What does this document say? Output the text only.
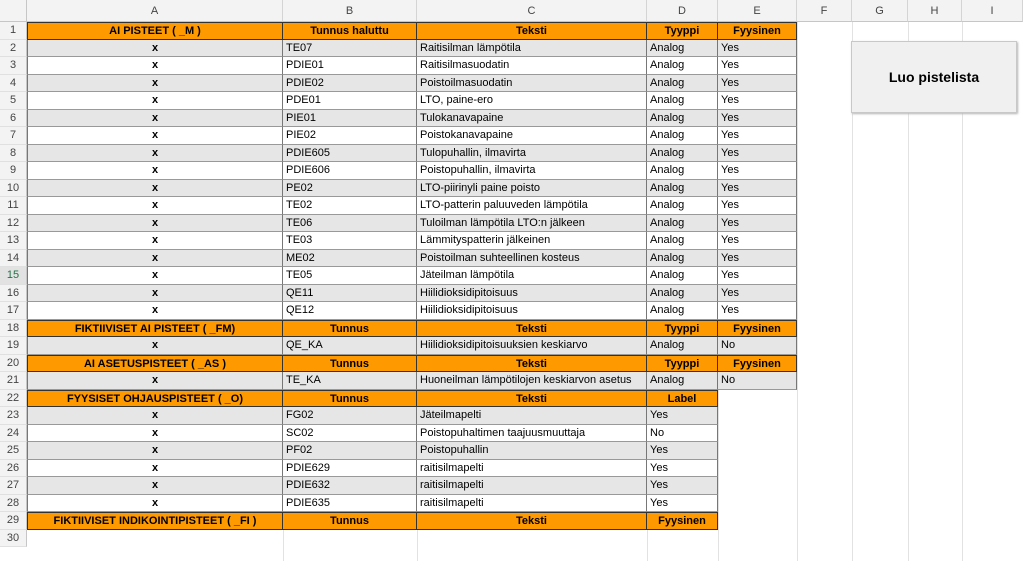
A	B	C	D	E	F	G	H	I
1
2
3
4
5
6
7
8
9
10
11
12
13
14
15
16
17
18
19
20
21
22
23
24
25
26
27
28
29
30
AI PISTEET ( _M )	Tunnus haluttu	Teksti	Tyyppi	Fyysinen
x	TE07	Raitisilman lämpötila	Analog	Yes
x	PDIE01	Raitisilmasuodatin	Analog	Yes
x	PDIE02	Poistoilmasuodatin	Analog	Yes
x	PDE01	LTO, paine-ero	Analog	Yes
x	PIE01	Tulokanavapaine	Analog	Yes
x	PIE02	Poistokanavapaine	Analog	Yes
x	PDIE605	Tulopuhallin, ilmavirta	Analog	Yes
x	PDIE606	Poistopuhallin, ilmavirta	Analog	Yes
x	PE02	LTO-piirinyli paine poisto	Analog	Yes
x	TE02	LTO-patterin paluuveden lämpötila	Analog	Yes
x	TE06	Tuloilman lämpötila LTO:n jälkeen	Analog	Yes
x	TE03	Lämmityspatterin jälkeinen	Analog	Yes
x	ME02	Poistoilman suhteellinen kosteus	Analog	Yes
x	TE05	Jäteilman lämpötila	Analog	Yes
x	QE11	Hiilidioksidipitoisuus	Analog	Yes
x	QE12	Hiilidioksidipitoisuus	Analog	Yes
FIKTIIVISET AI PISTEET ( _FM)	Tunnus	Teksti	Tyyppi	Fyysinen
x	QE_KA	Hiilidioksidipitoisuuksien keskiarvo	Analog	No
AI ASETUSPISTEET ( _AS )	Tunnus	Teksti	Tyyppi	Fyysinen
x	TE_KA	Huoneilman lämpötilojen keskiarvon asetus	Analog	No
FYYSISET OHJAUSPISTEET ( _O)	Tunnus	Teksti	Label
x	FG02	Jäteilmapelti	Yes
x	SC02	Poistopuhaltimen taajuusmuuttaja	No
x	PF02	Poistopuhallin	Yes
x	PDIE629	raitisilmapelti	Yes
x	PDIE632	raitisilmapelti	Yes
x	PDIE635	raitisilmapelti	Yes
FIKTIIVISET INDIKOINTIPISTEET ( _FI )	Tunnus	Teksti	Fyysinen
Luo pistelista
